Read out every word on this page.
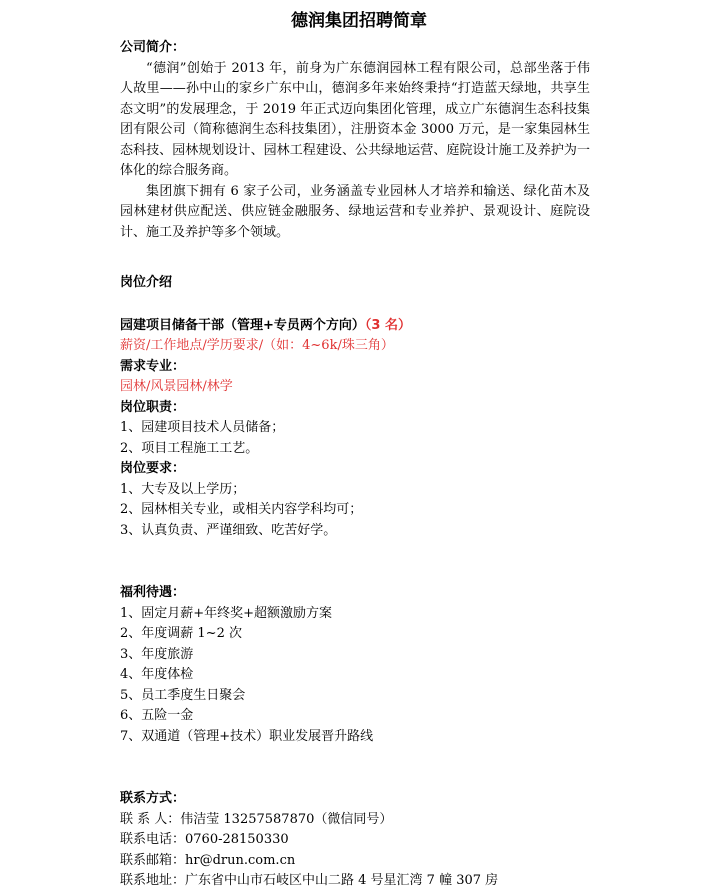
德润集团招聘简章
公司简介：

“德润”创始于 2013 年，前身为广东德润园林工程有限公司，总部坐落于伟人故里——孙中山的家乡广东中山，德润多年来始终秉持“打造蓝天绿地，共享生态文明”的发展理念，于 2019 年正式迈向集团化管理，成立广东德润生态科技集团有限公司（简称德润生态科技集团），注册资本金 3000 万元，是一家集园林生态科技、园林规划设计、园林工程建设、公共绿地运营、庭院设计施工及养护为一体化的综合服务商。

集团旗下拥有 6 家子公司，业务涵盖专业园林人才培养和输送、绿化苗木及园林建材供应配送、供应链金融服务、绿地运营和专业养护、景观设计、庭院设计、施工及养护等多个领域。

岗位介绍
园建项目储备干部（管理+专员两个方向）（3 名）
薪资/工作地点/学历要求/（如：4~6k/珠三角）
需求专业：
园林/风景园林/林学
岗位职责：
1、园建项目技术人员储备；
2、项目工程施工工艺。
岗位要求：
1、大专及以上学历；
2、园林相关专业，或相关内容学科均可；
3、认真负责、严谨细致、吃苦好学。
福利待遇：
1、固定月薪+年终奖+超额激励方案
2、年度调薪 1~2 次
3、年度旅游
4、年度体检
5、员工季度生日聚会
6、五险一金
7、双通道（管理+技术）职业发展晋升路线
联系方式：
联 系 人：伟洁莹 13257587870（微信同号）
联系电话：0760-28150330
联系邮箱：hr@drun.com.cn
联系地址：广东省中山市石岐区中山二路 4 号星汇湾 7 幢 307 房
